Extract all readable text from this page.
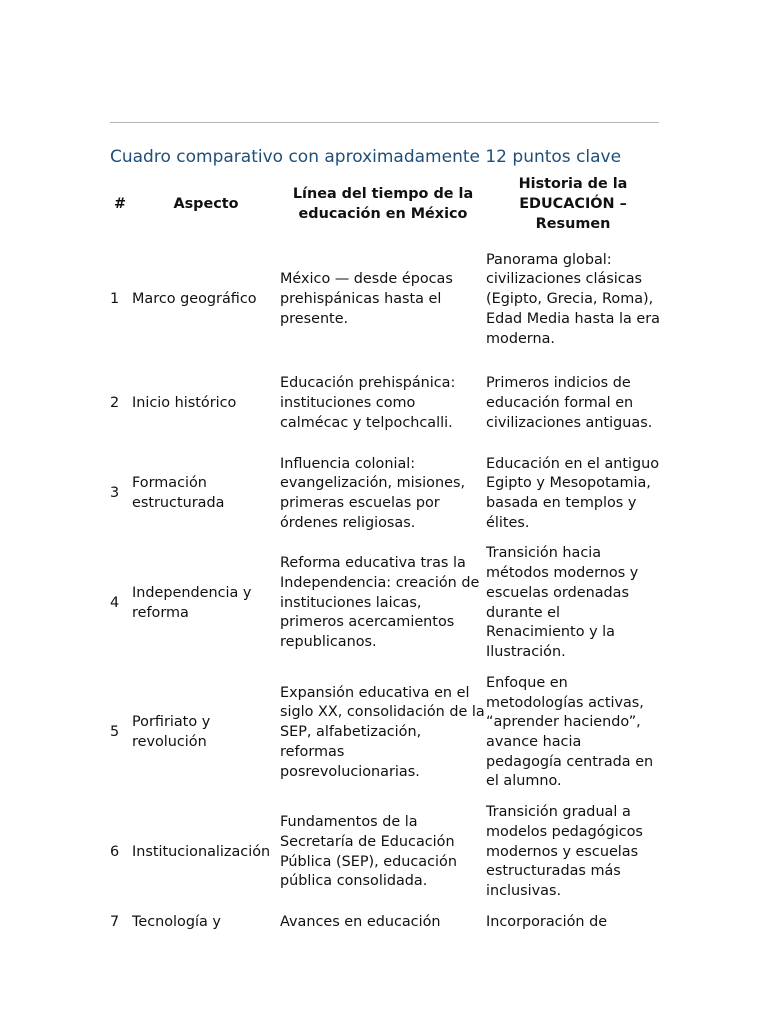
Cuadro comparativo con aproximadamente 12 puntos clave
#	Aspecto	Línea del tiempo de la educación en México	Historia de la EDUCACIÓN – Resumen
1	Marco geográfico	México — desde épocas prehispánicas hasta el presente.	Panorama global: civilizaciones clásicas (Egipto, Grecia, Roma), Edad Media hasta la era moderna.
2	Inicio histórico	Educación prehispánica: instituciones como calmécac y telpochcalli.	Primeros indicios de educación formal en civilizaciones antiguas.
3	Formación estructurada	Influencia colonial: evangelización, misiones, primeras escuelas por órdenes religiosas.	Educación en el antiguo Egipto y Mesopotamia, basada en templos y élites.
4	Independencia y reforma	Reforma educativa tras la Independencia: creación de instituciones laicas, primeros acercamientos republicanos.	Transición hacia métodos modernos y escuelas ordenadas durante el Renacimiento y la Ilustración.
5	Porfiriato y revolución	Expansión educativa en el siglo XX, consolidación de la SEP, alfabetización, reformas posrevolucionarias.	Enfoque en metodologías activas, “aprender haciendo”, avance hacia pedagogía centrada en el alumno.
6	Institucionalización	Fundamentos de la Secretaría de Educación Pública (SEP), educación pública consolidada.	Transición gradual a modelos pedagógicos modernos y escuelas estructuradas más inclusivas.
7	Tecnología y	Avances en educación	Incorporación de
